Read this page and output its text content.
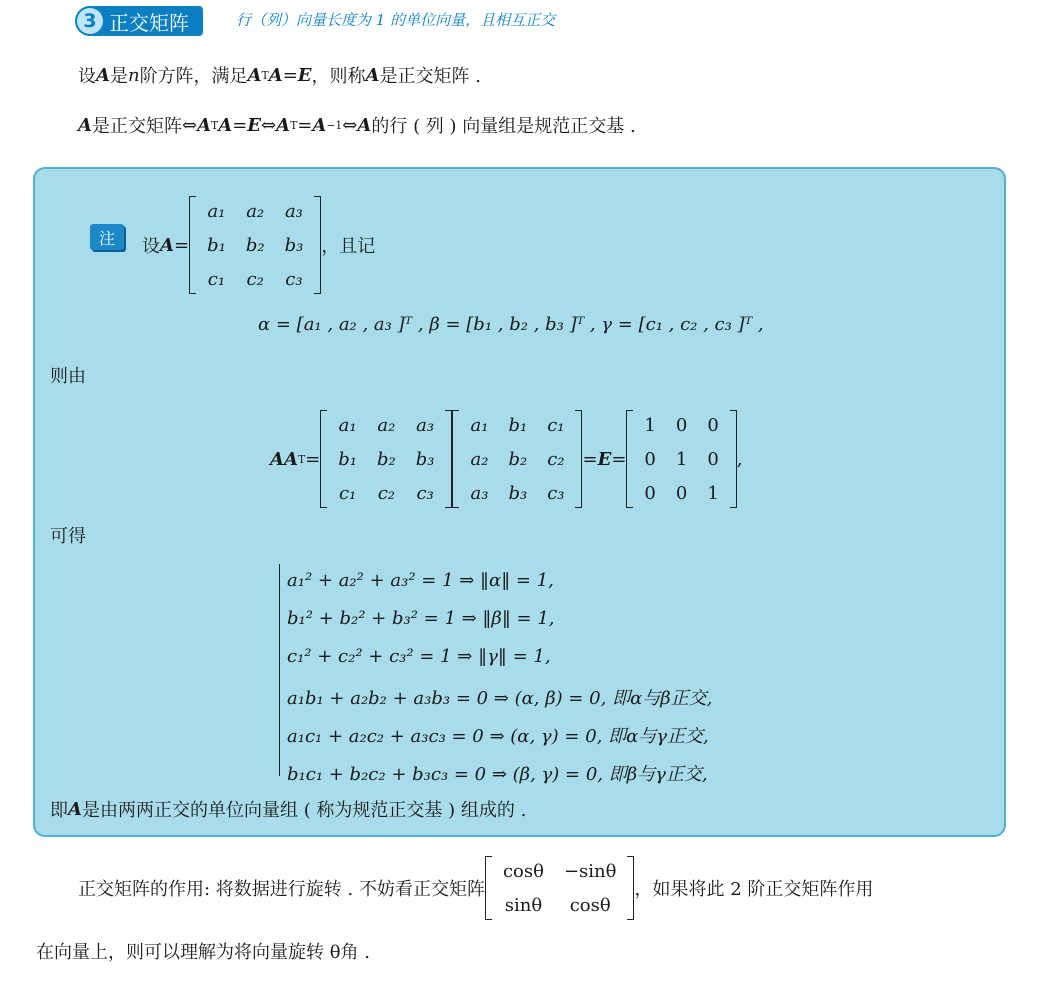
3 正交矩阵	行（列）向量长度为 1 的单位向量，且相互正交
设 A 是 n 阶方阵，满足 A T A = E ，则称 A 是正交矩阵 .
A 是正交矩阵 ⇔ A T A = E ⇔ A T = A −1 ⇔ A 的行 ( 列 ) 向量组是规范正交基 .
注	设 A =
a₁	a₂	a₃
b₁	b₂	b₃
c₁	c₂	c₃
，且记
α = [a₁ , a₂ , a₃ ]ᵀ , β = [b₁ , b₂ , b₃ ]ᵀ , γ = [c₁ , c₂ , c₃ ]ᵀ ,
则由
AA T =
a₁	a₂	a₃
b₁	b₂	b₃
c₁	c₂	c₃
a₁	b₁	c₁
a₂	b₂	c₂
a₃	b₃	c₃
= E =
1	0	0
0	1	0
0	0	1
,
可得
a₁² + a₂² + a₃² = 1 ⇒ ‖α‖ = 1,
b₁² + b₂² + b₃² = 1 ⇒ ‖β‖ = 1,
c₁² + c₂² + c₃² = 1 ⇒ ‖γ‖ = 1,
a₁b₁ + a₂b₂ + a₃b₃ = 0 ⇒ (α, β) = 0, 即α与β正交,
a₁c₁ + a₂c₂ + a₃c₃ = 0 ⇒ (α, γ) = 0, 即α与γ正交,
b₁c₁ + b₂c₂ + b₃c₃ = 0 ⇒ (β, γ) = 0, 即β与γ正交,
即 A 是由两两正交的单位向量组 ( 称为规范正交基 ) 组成的 .
正交矩阵的作用: 将数据进行旋转 . 不妨看正交矩阵
cosθ	−sinθ
sinθ	cosθ
，如果将此 2 阶正交矩阵作用
在向量上，则可以理解为将向量旋转 θ角 .
